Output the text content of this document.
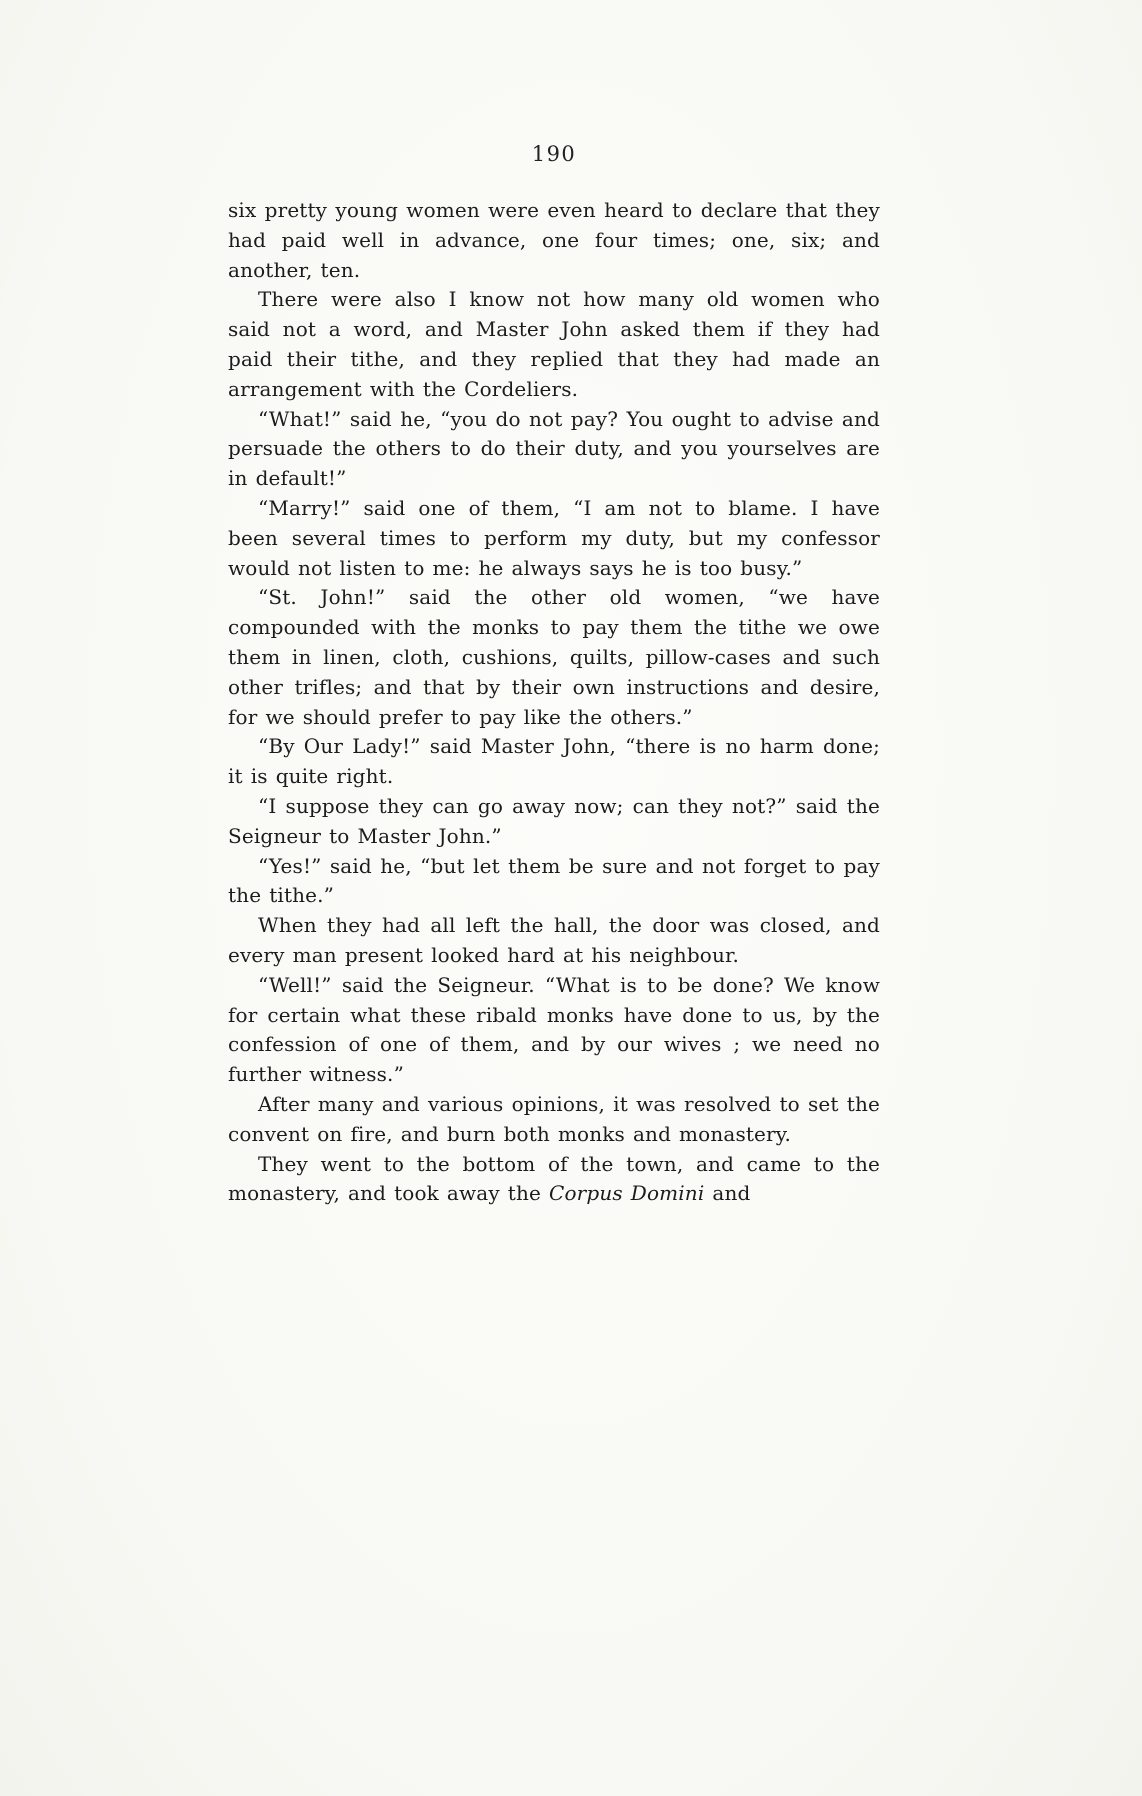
190

six pretty young women were even heard to declare that they had paid well in advance, one four times; one, six; and another, ten.

There were also I know not how many old women who said not a word, and Master John asked them if they had paid their tithe, and they replied that they had made an arrangement with the Cordeliers.

“What!” said he, “you do not pay? You ought to advise and persuade the others to do their duty, and you yourselves are in default!”

“Marry!” said one of them, “I am not to blame. I have been several times to perform my duty, but my confessor would not listen to me: he always says he is too busy.”

“St. John!” said the other old women, “we have compounded with the monks to pay them the tithe we owe them in linen, cloth, cushions, quilts, pillow-cases and such other trifles; and that by their own instructions and desire, for we should prefer to pay like the others.”

“By Our Lady!” said Master John, “there is no harm done; it is quite right.

“I suppose they can go away now; can they not?” said the Seigneur to Master John.”

“Yes!” said he, “but let them be sure and not forget to pay the tithe.”

When they had all left the hall, the door was closed, and every man present looked hard at his neighbour.

“Well!” said the Seigneur. “What is to be done? We know for certain what these ribald monks have done to us, by the confession of one of them, and by our wives ; we need no further witness.”

After many and various opinions, it was resolved to set the convent on fire, and burn both monks and monastery.

They went to the bottom of the town, and came to the monastery, and took away the Corpus Domini and
